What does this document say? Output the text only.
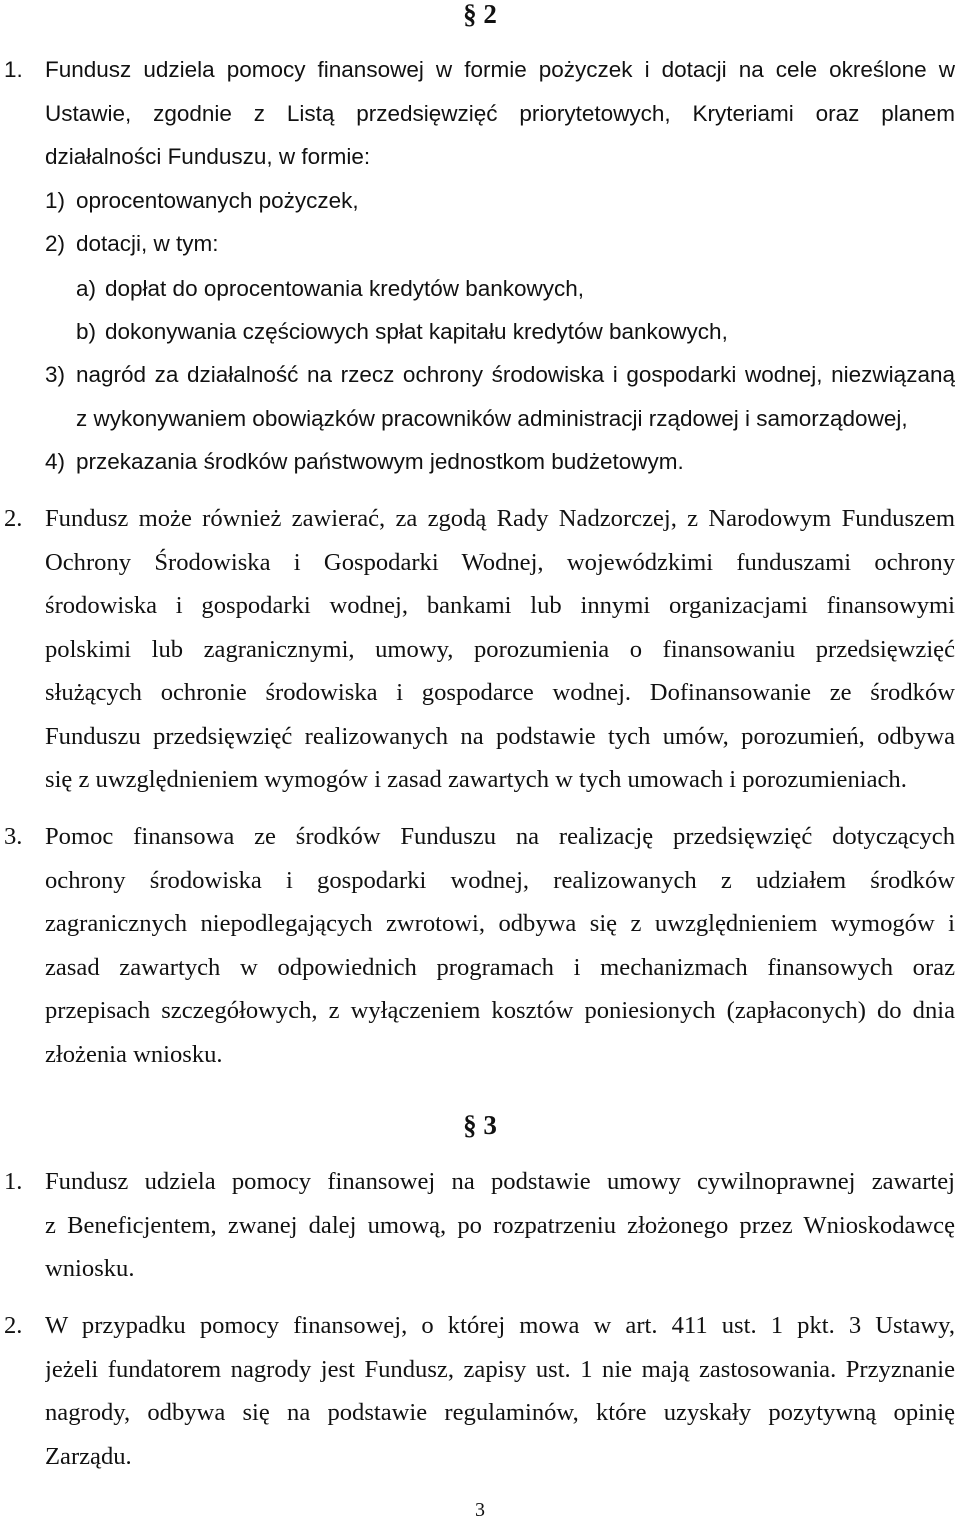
§ 2
1. Fundusz udziela pomocy finansowej w formie pożyczek i dotacji na cele określone w
Ustawie, zgodnie z Listą przedsięwzięć priorytetowych, Kryteriami oraz planem
działalności Funduszu, w formie:
1) oprocentowanych pożyczek,
2) dotacji, w tym:
a) dopłat do oprocentowania kredytów bankowych,
b) dokonywania częściowych spłat kapitału kredytów bankowych,
3) nagród za działalność na rzecz ochrony środowiska i gospodarki wodnej, niezwiązaną
z wykonywaniem obowiązków pracowników administracji rządowej i samorządowej,
4) przekazania środków państwowym jednostkom budżetowym.
2. Fundusz może również zawierać, za zgodą Rady Nadzorczej, z Narodowym Funduszem
Ochrony Środowiska i Gospodarki Wodnej, wojewódzkimi funduszami ochrony
środowiska i gospodarki wodnej, bankami lub innymi organizacjami finansowymi
polskimi lub zagranicznymi, umowy, porozumienia o finansowaniu przedsięwzięć
służących ochronie środowiska i gospodarce wodnej. Dofinansowanie ze środków
Funduszu przedsięwzięć realizowanych na podstawie tych umów, porozumień, odbywa
się z uwzględnieniem wymogów i zasad zawartych w tych umowach i porozumieniach.
3. Pomoc finansowa ze środków Funduszu na realizację przedsięwzięć dotyczących
ochrony środowiska i gospodarki wodnej, realizowanych z udziałem środków
zagranicznych niepodlegających zwrotowi, odbywa się z uwzględnieniem wymogów i
zasad zawartych w odpowiednich programach i mechanizmach finansowych oraz
przepisach szczegółowych, z wyłączeniem kosztów poniesionych (zapłaconych) do dnia
złożenia wniosku.
§ 3
1. Fundusz udziela pomocy finansowej na podstawie umowy cywilnoprawnej zawartej
z Beneficjentem, zwanej dalej umową, po rozpatrzeniu złożonego przez Wnioskodawcę
wniosku.
2. W przypadku pomocy finansowej, o której mowa w art. 411 ust. 1 pkt. 3 Ustawy,
jeżeli fundatorem nagrody jest Fundusz, zapisy ust. 1 nie mają zastosowania. Przyznanie
nagrody, odbywa się na podstawie regulaminów, które uzyskały pozytywną opinię
Zarządu.
3
